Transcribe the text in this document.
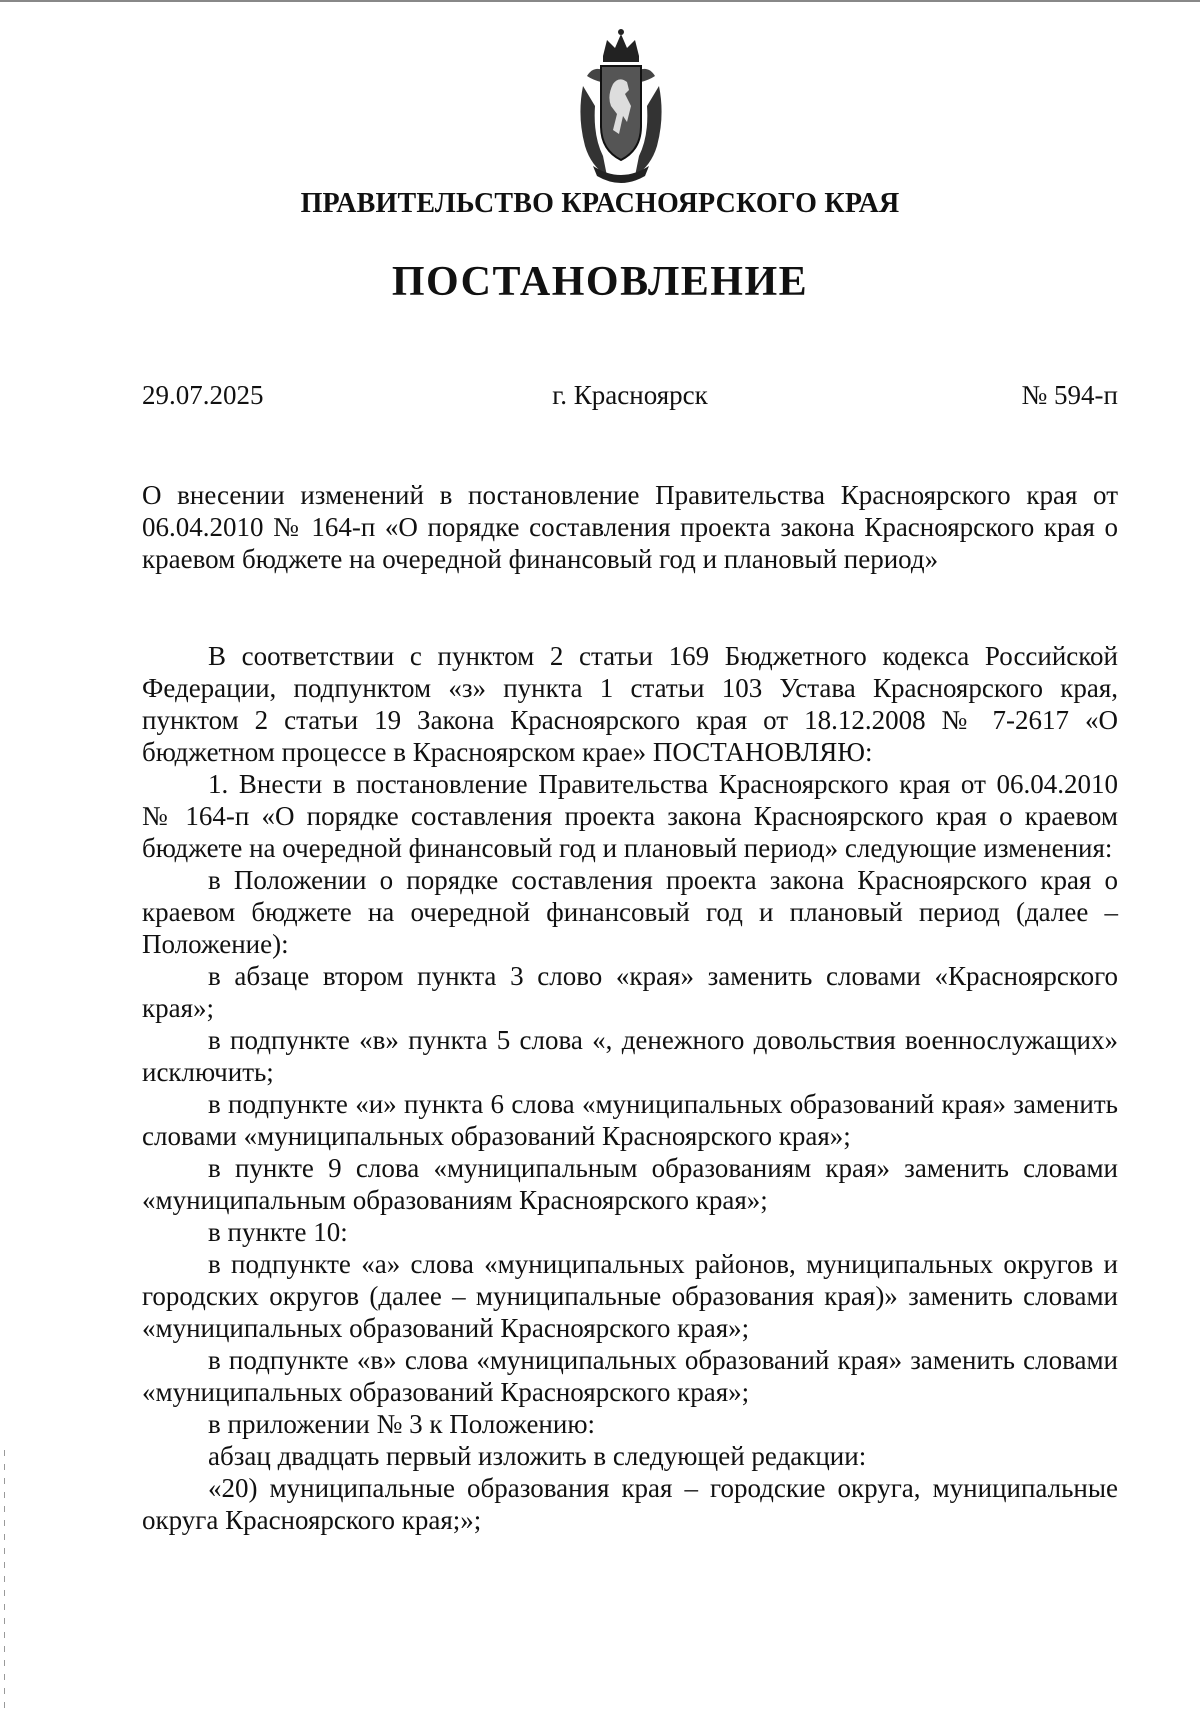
ПРАВИТЕЛЬСТВО КРАСНОЯРСКОГО КРАЯ
ПОСТАНОВЛЕНИЕ
29.07.2025	г. Красноярск	№ 594-п
О внесении изменений в постановление Правительства Красноярского края от 06.04.2010 № 164-п «О порядке составления проекта закона Красноярского края о краевом бюджете на очередной финансовый год и плановый период»

В соответствии с пунктом 2 статьи 169 Бюджетного кодекса Российской Федерации, подпунктом «з» пункта 1 статьи 103 Устава Красноярского края, пунктом 2 статьи 19 Закона Красноярского края от 18.12.2008 № 7-2617 «О бюджетном процессе в Красноярском крае» ПОСТАНОВЛЯЮ:

1. Внести в постановление Правительства Красноярского края от 06.04.2010 № 164-п «О порядке составления проекта закона Красноярского края о краевом бюджете на очередной финансовый год и плановый период» следующие изменения:

в Положении о порядке составления проекта закона Красноярского края о краевом бюджете на очередной финансовый год и плановый период (далее – Положение):

в абзаце втором пункта 3 слово «края» заменить словами «Красноярского края»;

в подпункте «в» пункта 5 слова «, денежного довольствия военнослужащих» исключить;

в подпункте «и» пункта 6 слова «муниципальных образований края» заменить словами «муниципальных образований Красноярского края»;

в пункте 9 слова «муниципальным образованиям края» заменить словами «муниципальным образованиям Красноярского края»;

в пункте 10:

в подпункте «а» слова «муниципальных районов, муниципальных округов и городских округов (далее – муниципальные образования края)» заменить словами «муниципальных образований Красноярского края»;

в подпункте «в» слова «муниципальных образований края» заменить словами «муниципальных образований Красноярского края»;

в приложении № 3 к Положению:

абзац двадцать первый изложить в следующей редакции:

«20) муниципальные образования края – городские округа, муниципальные округа Красноярского края;»;
